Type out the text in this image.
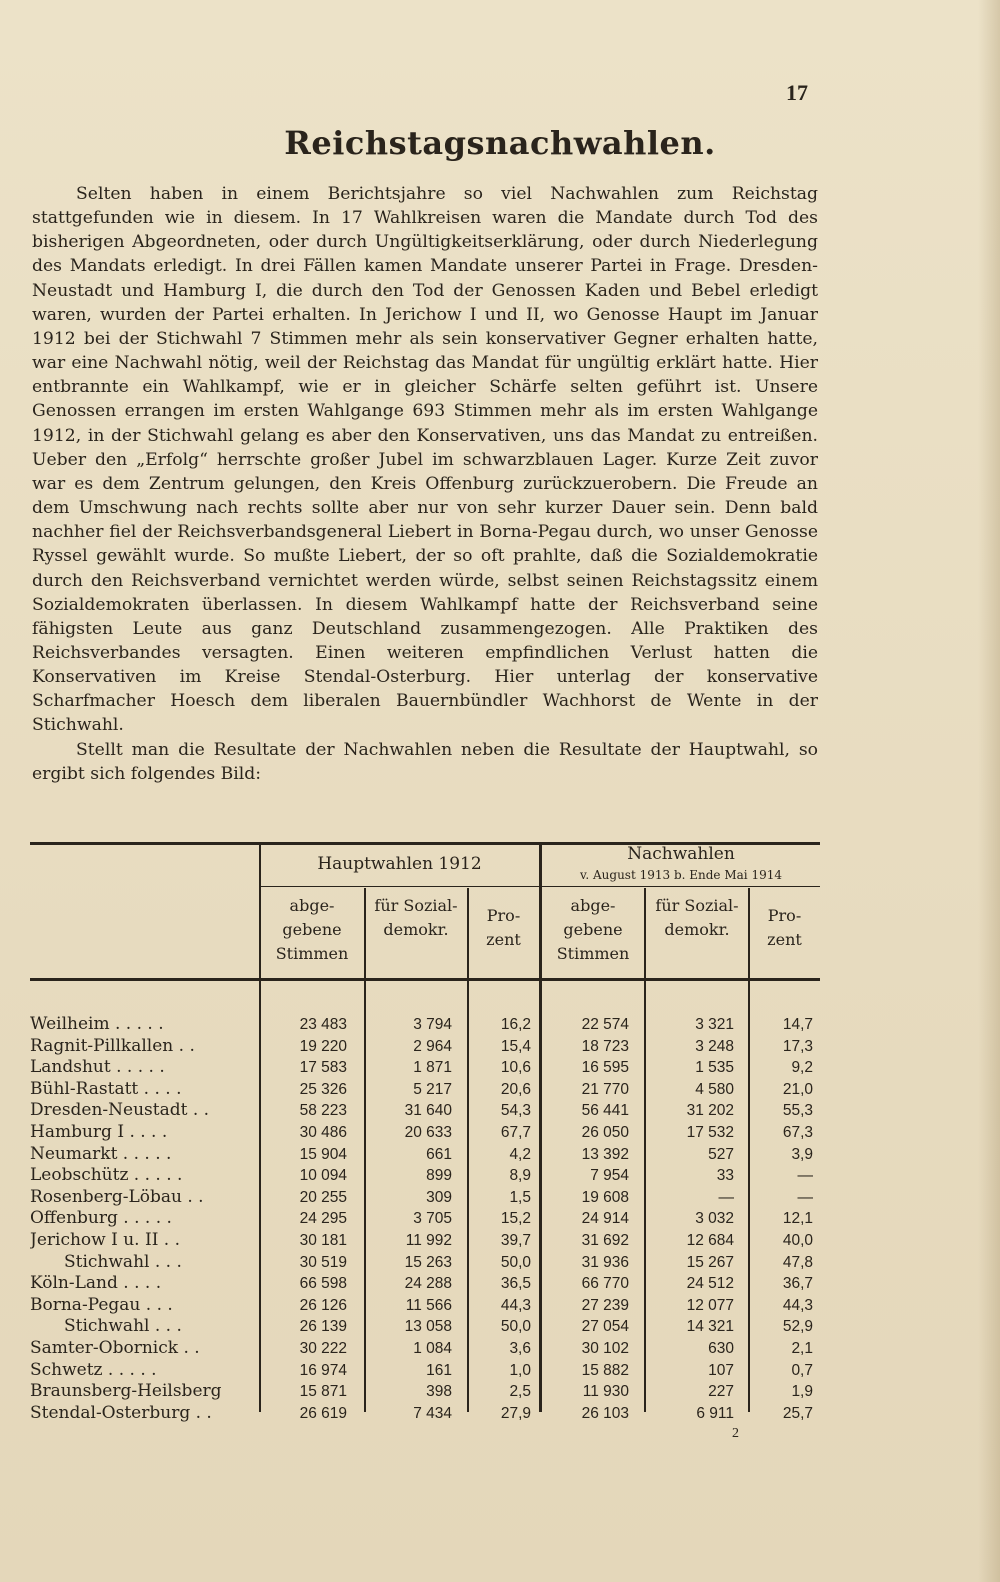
17
Reichstagsnachwahlen.

Selten haben in einem Berichtsjahre so viel Nachwahlen zum Reichstag stattgefunden wie in diesem. In 17 Wahlkreisen waren die Mandate durch Tod des bisherigen Abgeordneten, oder durch Ungültigkeitserklärung, oder durch Niederlegung des Mandats erledigt. In drei Fällen kamen Mandate unserer Partei in Frage. Dresden-Neustadt und Hamburg I, die durch den Tod der Genossen Kaden und Bebel erledigt waren, wurden der Partei erhalten. In Jerichow I und II, wo Genosse Haupt im Januar 1912 bei der Stichwahl 7 Stimmen mehr als sein konservativer Gegner erhalten hatte, war eine Nachwahl nötig, weil der Reichstag das Mandat für ungültig erklärt hatte. Hier entbrannte ein Wahlkampf, wie er in gleicher Schärfe selten geführt ist. Unsere Genossen errangen im ersten Wahlgange 693 Stimmen mehr als im ersten Wahlgange 1912, in der Stichwahl gelang es aber den Konservativen, uns das Mandat zu entreißen. Ueber den „Erfolg“ herrschte großer Jubel im schwarzblauen Lager. Kurze Zeit zuvor war es dem Zentrum gelungen, den Kreis Offenburg zurückzuerobern. Die Freude an dem Umschwung nach rechts sollte aber nur von sehr kurzer Dauer sein. Denn bald nachher fiel der Reichsverbandsgeneral Liebert in Borna-Pegau durch, wo unser Genosse Ryssel gewählt wurde. So mußte Liebert, der so oft prahlte, daß die Sozialdemokratie durch den Reichsverband vernichtet werden würde, selbst seinen Reichstagssitz einem Sozialdemokraten überlassen. In diesem Wahlkampf hatte der Reichsverband seine fähigsten Leute aus ganz Deutschland zusammengezogen. Alle Praktiken des Reichsverbandes versagten. Einen weiteren empfindlichen Verlust hatten die Konservativen im Kreise Stendal-Osterburg. Hier unterlag der konservative Scharfmacher Hoesch dem liberalen Bauernbündler Wachhorst de Wente in der Stichwahl.

Stellt man die Resultate der Nachwahlen neben die Resultate der Hauptwahl, so ergibt sich folgendes Bild:

Hauptwahlen 1912	Nachwahlen
v. August 1913 b. Ende Mai 1914
abge- gebene Stimmen
für Sozial- demokr.
Pro- zent
abge- gebene Stimmen
für Sozial- demokr.
Pro- zent
Weilheim . . . . .	23 483	3 794	16,2	22 574	3 321	14,7
Ragnit-Pillkallen . .	19 220	2 964	15,4	18 723	3 248	17,3
Landshut . . . . .	17 583	1 871	10,6	16 595	1 535	9,2
Bühl-Rastatt . . . .	25 326	5 217	20,6	21 770	4 580	21,0
Dresden-Neustadt . .	58 223	31 640	54,3	56 441	31 202	55,3
Hamburg I . . . .	30 486	20 633	67,7	26 050	17 532	67,3
Neumarkt . . . . .	15 904	661	4,2	13 392	527	3,9
Leobschütz . . . . .	10 094	899	8,9	7 954	33	—
Rosenberg-Löbau . .	20 255	309	1,5	19 608	—	—
Offenburg . . . . .	24 295	3 705	15,2	24 914	3 032	12,1
Jerichow I u. II . .	30 181	11 992	39,7	31 692	12 684	40,0
Stichwahl . . .	30 519	15 263	50,0	31 936	15 267	47,8
Köln-Land . . . .	66 598	24 288	36,5	66 770	24 512	36,7
Borna-Pegau . . .	26 126	11 566	44,3	27 239	12 077	44,3
Stichwahl . . .	26 139	13 058	50,0	27 054	14 321	52,9
Samter-Obornick . .	30 222	1 084	3,6	30 102	630	2,1
Schwetz . . . . .	16 974	161	1,0	15 882	107	0,7
Braunsberg-Heilsberg	15 871	398	2,5	11 930	227	1,9
Stendal-Osterburg . .	26 619	7 434	27,9	26 103	6 911	25,7
2
